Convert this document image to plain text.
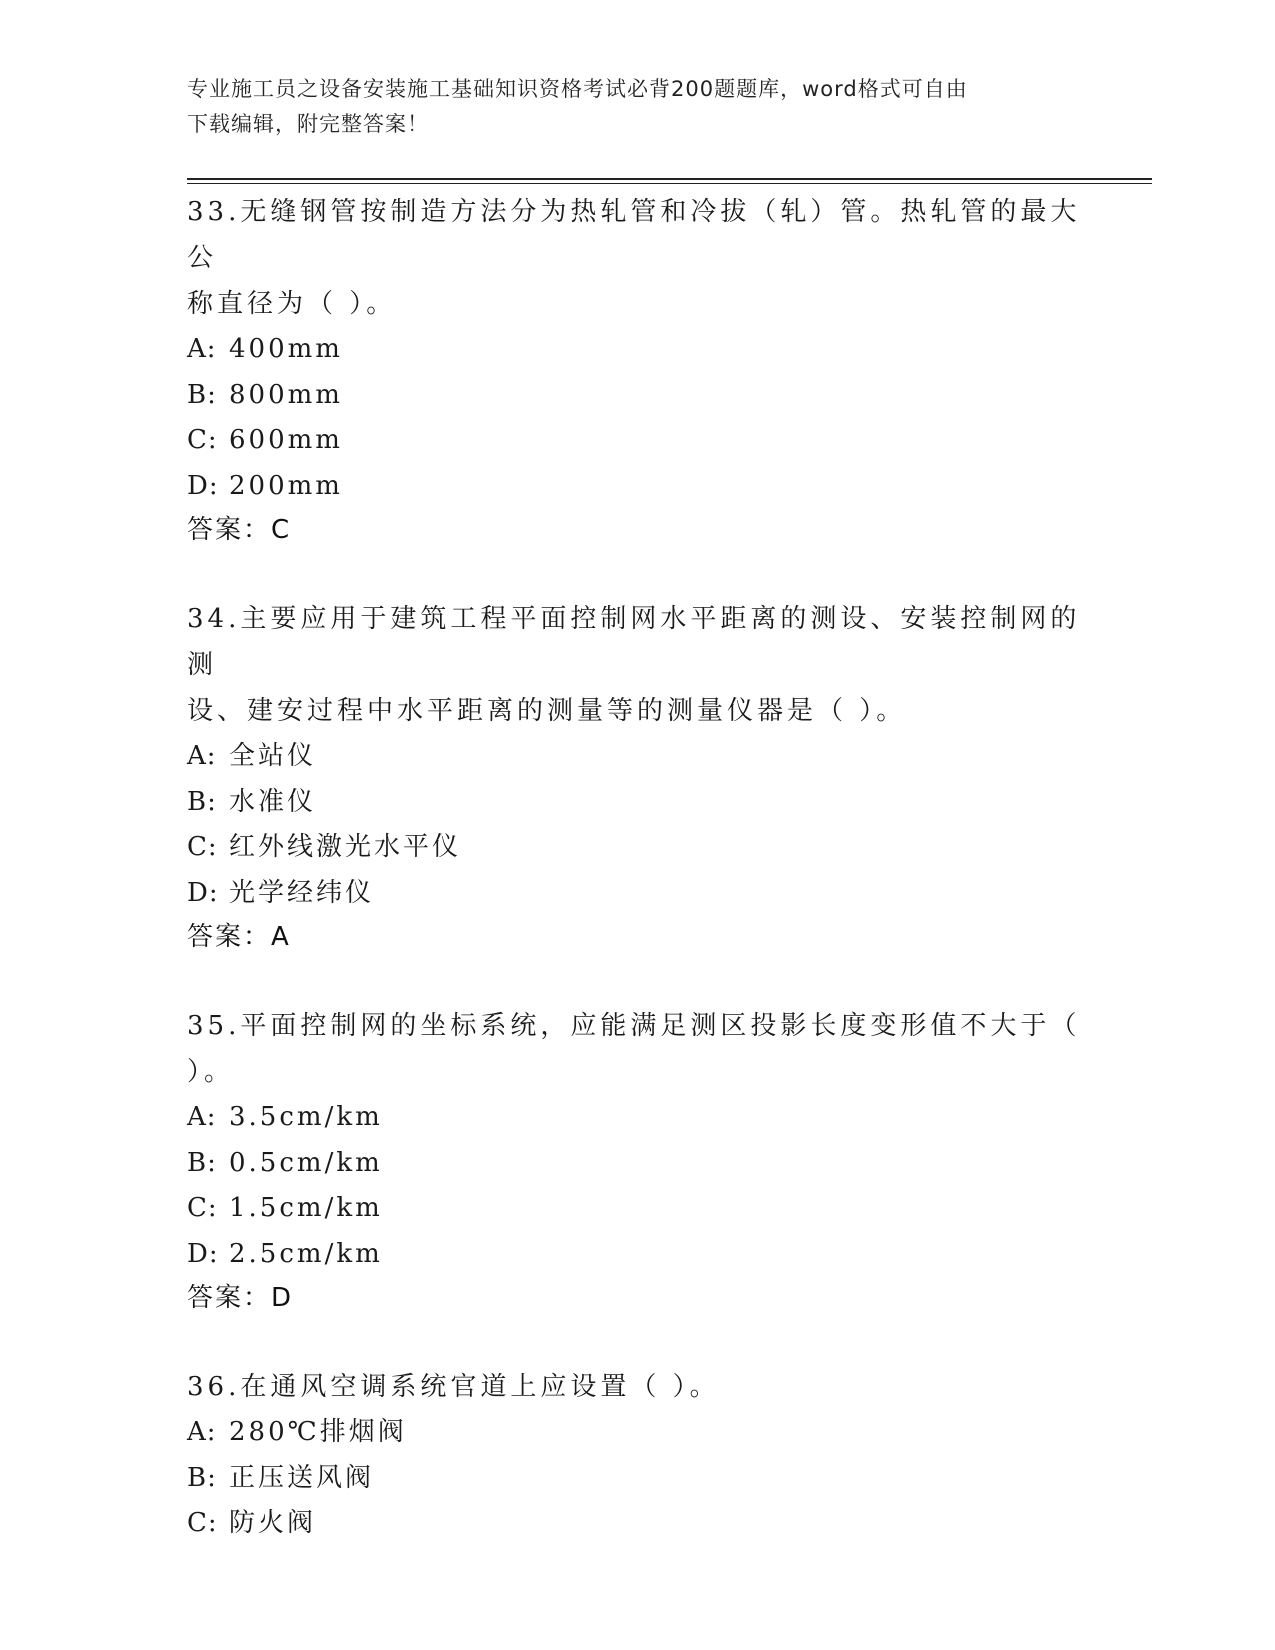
专业施工员之设备安装施工基础知识资格考试必背200题题库，word格式可自由
下载编辑，附完整答案！
33.无缝钢管按制造方法分为热轧管和冷拔（轧）管。热轧管的最大公
称直径为（ ）。
A: 400mm
B: 800mm
C: 600mm
D: 200mm
答案：C
34.主要应用于建筑工程平面控制网水平距离的测设、安装控制网的测
设、建安过程中水平距离的测量等的测量仪器是（ ）。
A: 全站仪
B: 水准仪
C: 红外线激光水平仪
D: 光学经纬仪
答案：A
35.平面控制网的坐标系统，应能满足测区投影长度变形值不大于（
）。
A: 3.5cm/km
B: 0.5cm/km
C: 1.5cm/km
D: 2.5cm/km
答案：D
36.在通风空调系统官道上应设置（ ）。
A: 280℃排烟阀
B: 正压送风阀
C: 防火阀
